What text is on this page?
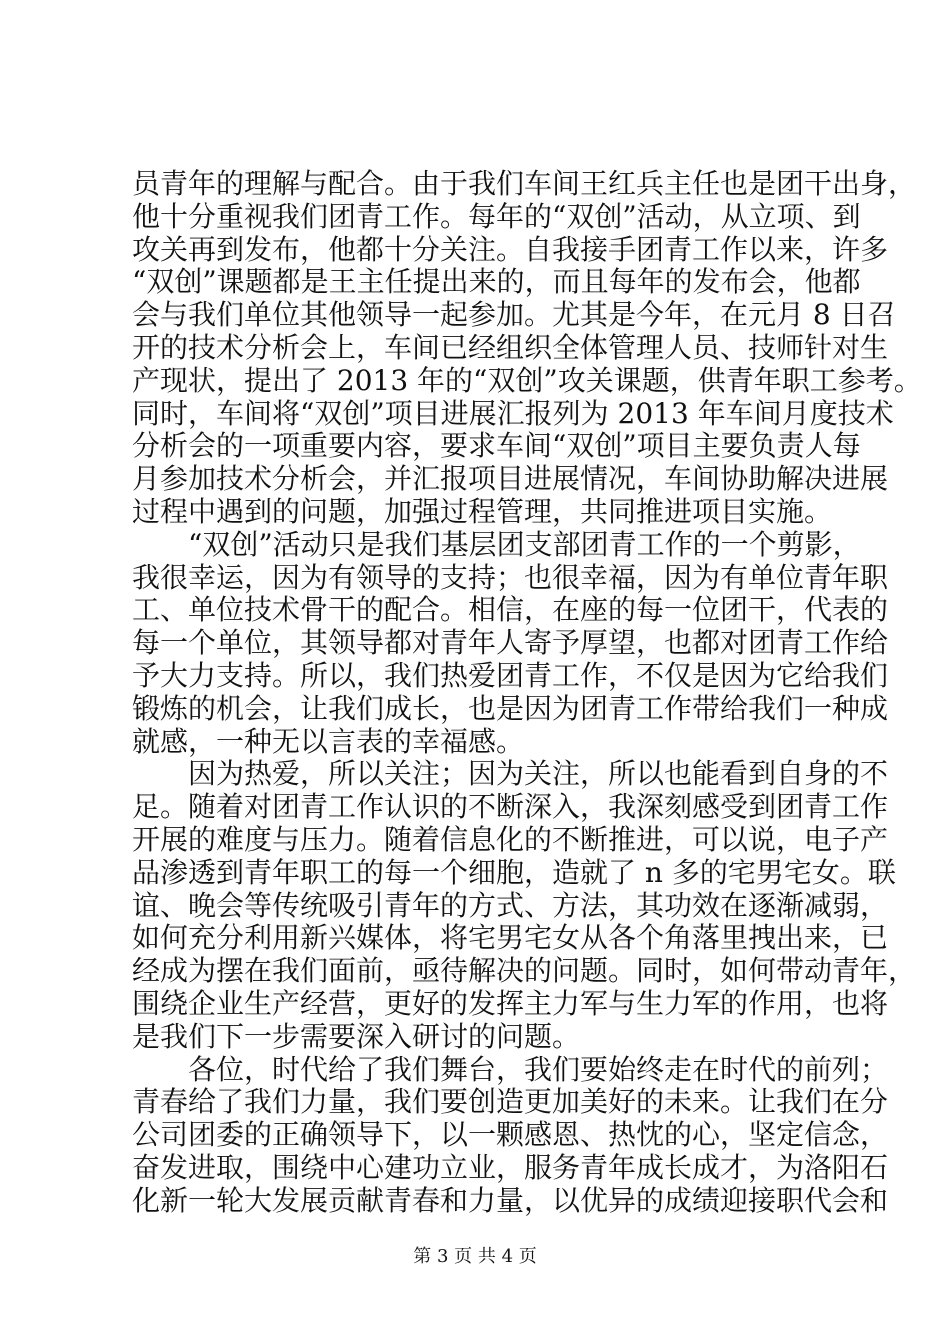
员青年的理解与配合。由于我们车间王红兵主任也是团干出身，
他十分重视我们团青工作。每年的“双创”活动，从立项、到
攻关再到发布，他都十分关注。自我接手团青工作以来，许多
“双创”课题都是王主任提出来的，而且每年的发布会，他都
会与我们单位其他领导一起参加。尤其是今年，在元月 8 日召
开的技术分析会上，车间已经组织全体管理人员、技师针对生
产现状，提出了 2013 年的“双创”攻关课题，供青年职工参考。
同时，车间将“双创”项目进展汇报列为 2013 年车间月度技术
分析会的一项重要内容，要求车间“双创”项目主要负责人每
月参加技术分析会，并汇报项目进展情况，车间协助解决进展
过程中遇到的问题，加强过程管理，共同推进项目实施。
“双创”活动只是我们基层团支部团青工作的一个剪影，
我很幸运，因为有领导的支持；也很幸福，因为有单位青年职
工、单位技术骨干的配合。相信，在座的每一位团干，代表的
每一个单位，其领导都对青年人寄予厚望，也都对团青工作给
予大力支持。所以，我们热爱团青工作，不仅是因为它给我们
锻炼的机会，让我们成长，也是因为团青工作带给我们一种成
就感，一种无以言表的幸福感。
因为热爱，所以关注；因为关注，所以也能看到自身的不
足。随着对团青工作认识的不断深入，我深刻感受到团青工作
开展的难度与压力。随着信息化的不断推进，可以说，电子产
品渗透到青年职工的每一个细胞，造就了 n 多的宅男宅女。联
谊、晚会等传统吸引青年的方式、方法，其功效在逐渐减弱，
如何充分利用新兴媒体，将宅男宅女从各个角落里拽出来，已
经成为摆在我们面前，亟待解决的问题。同时，如何带动青年，
围绕企业生产经营，更好的发挥主力军与生力军的作用，也将
是我们下一步需要深入研讨的问题。
各位，时代给了我们舞台，我们要始终走在时代的前列；
青春给了我们力量，我们要创造更加美好的未来。让我们在分
公司团委的正确领导下，以一颗感恩、热忱的心，坚定信念，
奋发进取，围绕中心建功立业，服务青年成长成才，为洛阳石
化新一轮大发展贡献青春和力量，以优异的成绩迎接职代会和
第 3 页 共 4 页
